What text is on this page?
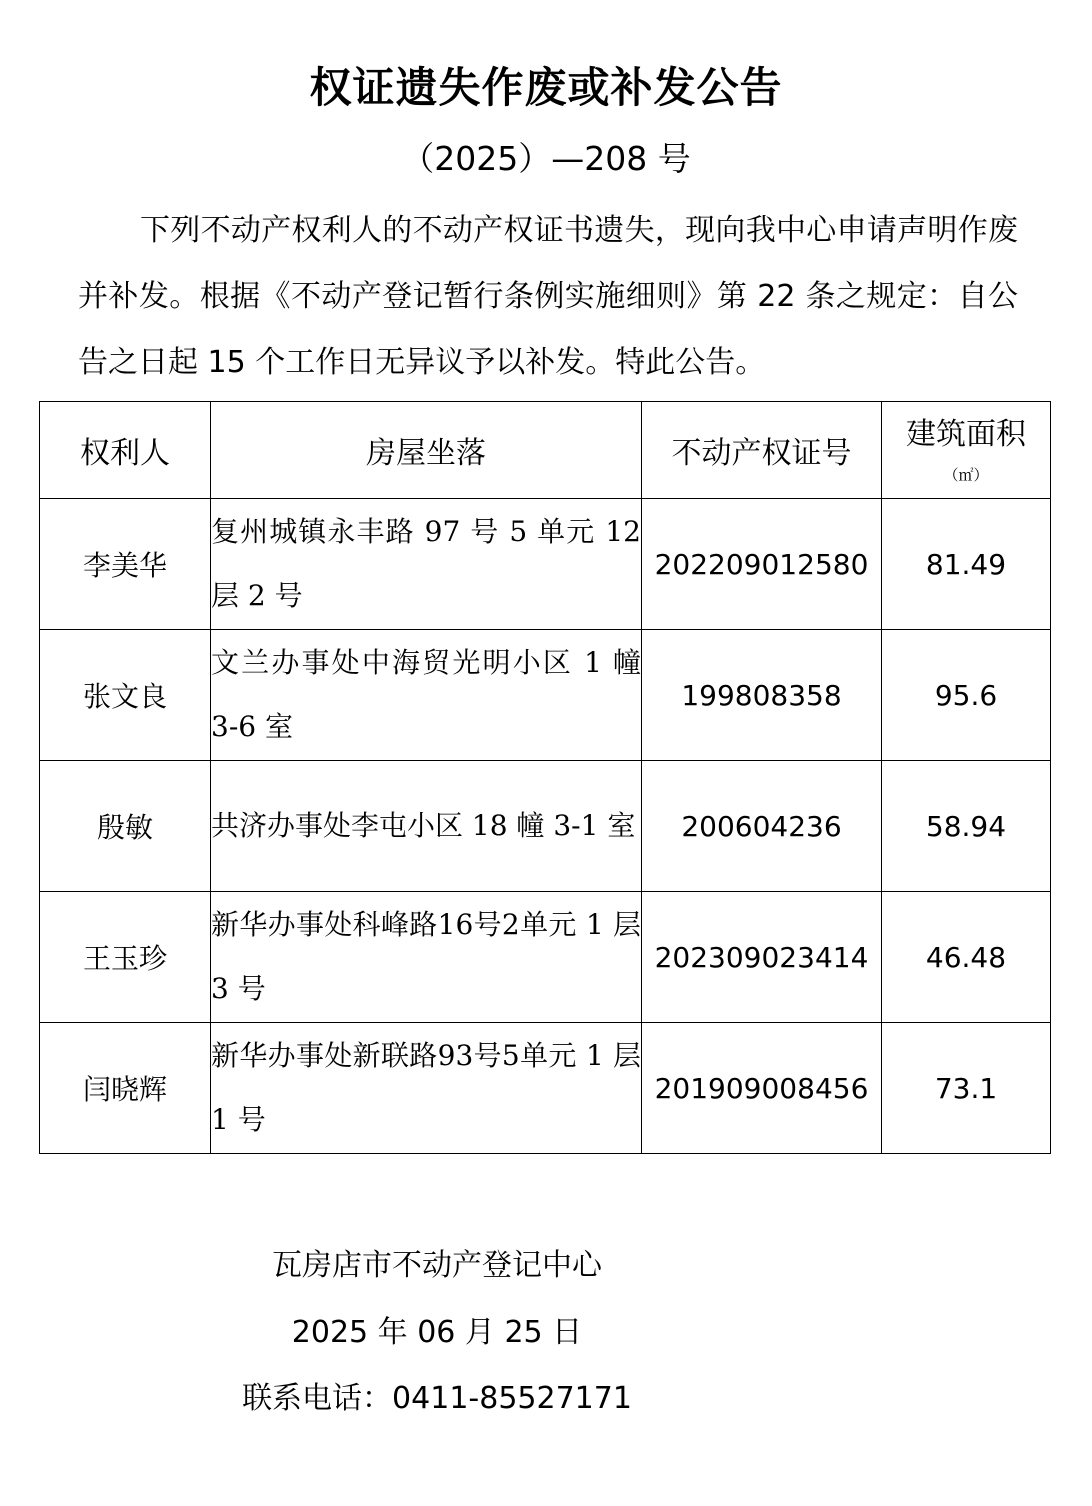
权证遗失作废或补发公告
（2025）—208 号

下列不动产权利人的不动产权证书遗失，现向我中心申请声明作废并补发。根据《不动产登记暂行条例实施细则》第 22 条之规定：自公告之日起 15 个工作日无异议予以补发。特此公告。

权利人	房屋坐落	不动产权证号	建筑面积
（㎡）

李美华	复州城镇永丰路 97 号 5 单元 12 层 2 号	202209012580	81.49
张文良	文兰办事处中海贸光明小区 1 幢 3-6 室	199808358	95.6
殷敏	共济办事处李屯小区 18 幢 3-1 室	200604236	58.94
王玉珍	新华办事处科峰路16号2单元 1 层 3 号	202309023414	46.48
闫晓辉	新华办事处新联路93号5单元 1 层 1 号	201909008456	73.1
瓦房店市不动产登记中心
2025 年 06 月 25 日
联系电话：0411-85527171
